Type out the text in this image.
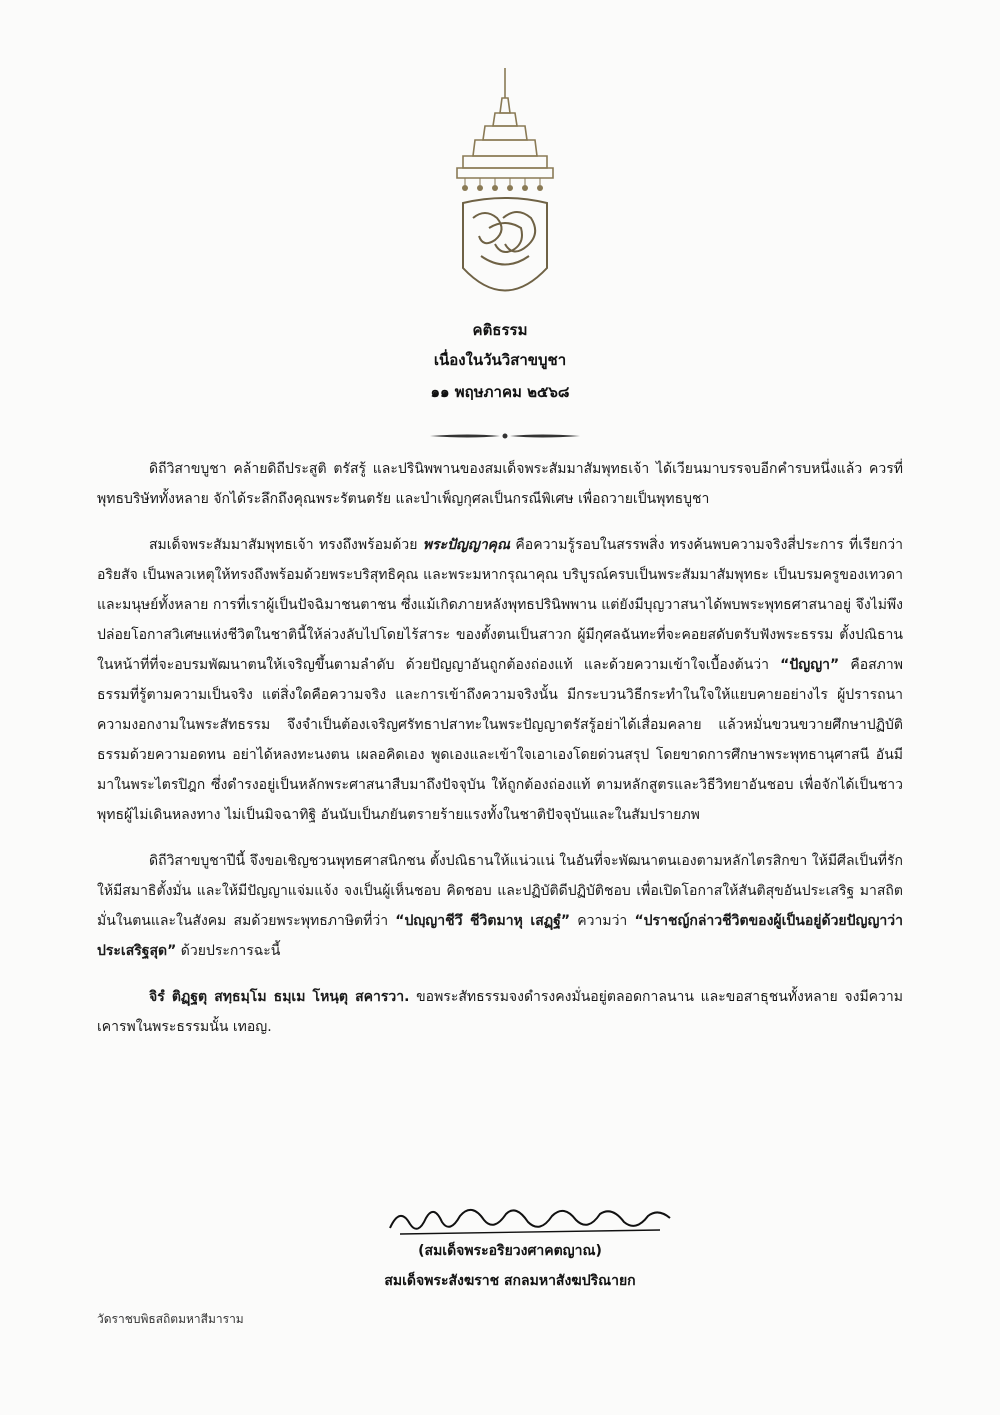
คติธรรม
เนื่องในวันวิสาขบูชา
๑๑ พฤษภาคม ๒๕๖๘

ดิถีวิสาขบูชา คล้ายดิถีประสูติ ตรัสรู้ และปรินิพพานของสมเด็จพระสัมมาสัมพุทธเจ้า ได้เวียนมาบรรจบอีกคำรบหนึ่งแล้ว ควรที่พุทธบริษัททั้งหลาย จักได้ระลึกถึงคุณพระรัตนตรัย และบำเพ็ญกุศลเป็นกรณีพิเศษ เพื่อถวายเป็นพุทธบูชา

สมเด็จพระสัมมาสัมพุทธเจ้า ทรงถึงพร้อมด้วย พระปัญญาคุณ คือความรู้รอบในสรรพสิ่ง ทรงค้นพบความจริงสี่ประการ ที่เรียกว่าอริยสัจ เป็นพลวเหตุให้ทรงถึงพร้อมด้วยพระบริสุทธิคุณ และพระมหากรุณาคุณ บริบูรณ์ครบเป็นพระสัมมาสัมพุทธะ เป็นบรมครูของเทวดาและมนุษย์ทั้งหลาย การที่เราผู้เป็นปัจฉิมาชนตาชน ซึ่งแม้เกิดภายหลังพุทธปรินิพพาน แต่ยังมีบุญวาสนาได้พบพระพุทธศาสนาอยู่ จึงไม่พึงปล่อยโอกาสวิเศษแห่งชีวิตในชาตินี้ให้ล่วงลับไปโดยไร้สาระ ของตั้งตนเป็นสาวก ผู้มีกุศลฉันทะที่จะคอยสดับตรับฟังพระธรรม ตั้งปณิธานในหน้าที่ที่จะอบรมพัฒนาตนให้เจริญขึ้นตามลำดับ ด้วยปัญญาอันถูกต้องถ่องแท้ และด้วยความเข้าใจเบื้องต้นว่า “ปัญญา” คือสภาพธรรมที่รู้ตามความเป็นจริง แต่สิ่งใดคือความจริง และการเข้าถึงความจริงนั้น มีกระบวนวิธีกระทำในใจให้แยบคายอย่างไร ผู้ปรารถนาความงอกงามในพระสัทธรรม จึงจำเป็นต้องเจริญศรัทธาปสาทะในพระปัญญาตรัสรู้อย่าได้เสื่อมคลาย แล้วหมั่นขวนขวายศึกษาปฏิบัติธรรมด้วยความอดทน อย่าได้หลงทะนงตน เผลอคิดเอง พูดเองและเข้าใจเอาเองโดยด่วนสรุป โดยขาดการศึกษาพระพุทธานุศาสนี อันมีมาในพระไตรปิฎก ซึ่งดำรงอยู่เป็นหลักพระศาสนาสืบมาถึงปัจจุบัน ให้ถูกต้องถ่องแท้ ตามหลักสูตรและวิธีวิทยาอันชอบ เพื่อจักได้เป็นชาวพุทธผู้ไม่เดินหลงทาง ไม่เป็นมิจฉาทิฐิ อันนับเป็นภยันตรายร้ายแรงทั้งในชาติปัจจุบันและในสัมปรายภพ

ดิถีวิสาขบูชาปีนี้ จึงขอเชิญชวนพุทธศาสนิกชน ตั้งปณิธานให้แน่วแน่ ในอันที่จะพัฒนาตนเองตามหลักไตรสิกขา ให้มีศีลเป็นที่รัก ให้มีสมาธิตั้งมั่น และให้มีปัญญาแจ่มแจ้ง จงเป็นผู้เห็นชอบ คิดชอบ และปฏิบัติดีปฏิบัติชอบ เพื่อเปิดโอกาสให้สันติสุขอันประเสริฐ มาสถิตมั่นในตนและในสังคม สมด้วยพระพุทธภาษิตที่ว่า “ปญฺญาชีวึ ชีวิตมาหุ เสฏฺฐํ” ความว่า “ปราชญ์กล่าวชีวิตของผู้เป็นอยู่ด้วยปัญญาว่า ประเสริฐสุด” ด้วยประการฉะนี้

จิรํ ติฏฺฐตุ สทฺธมฺโม ธมฺเม โหนฺตุ สคารวา. ขอพระสัทธรรมจงดำรงคงมั่นอยู่ตลอดกาลนาน และขอสาธุชนทั้งหลาย จงมีความเคารพในพระธรรมนั้น เทอญ.

(สมเด็จพระอริยวงศาคตญาณ)
สมเด็จพระสังฆราช สกลมหาสังฆปริณายก
วัดราชบพิธสถิตมหาสีมาราม
